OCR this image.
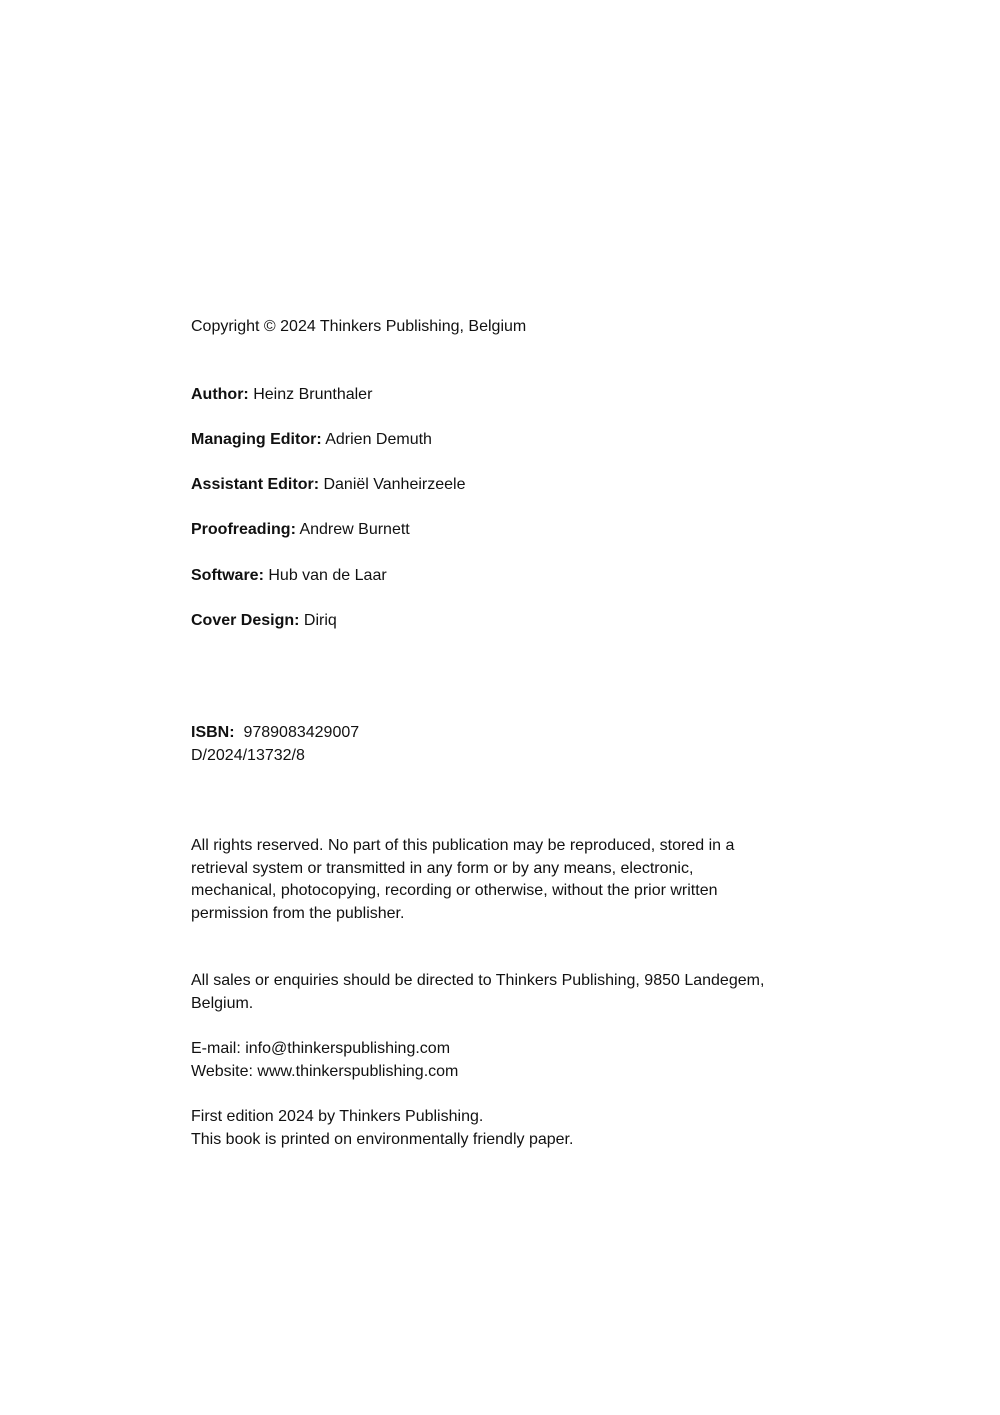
Copyright © 2024 Thinkers Publishing, Belgium

Author: Heinz Brunthaler

Managing Editor: Adrien Demuth

Assistant Editor: Daniël Vanheirzeele

Proofreading: Andrew Burnett

Software: Hub van de Laar

Cover Design: Diriq

ISBN: 9789083429007

D/2024/13732/8

All rights reserved. No part of this publication may be reproduced, stored in a
retrieval system or transmitted in any form or by any means, electronic,
mechanical, photocopying, recording or otherwise, without the prior written
permission from the publisher.
All sales or enquiries should be directed to Thinkers Publishing, 9850 Landegem,
Belgium.
E-mail: info@thinkerspublishing.com
Website: www.thinkerspublishing.com
First edition 2024 by Thinkers Publishing.
This book is printed on environmentally friendly paper.
